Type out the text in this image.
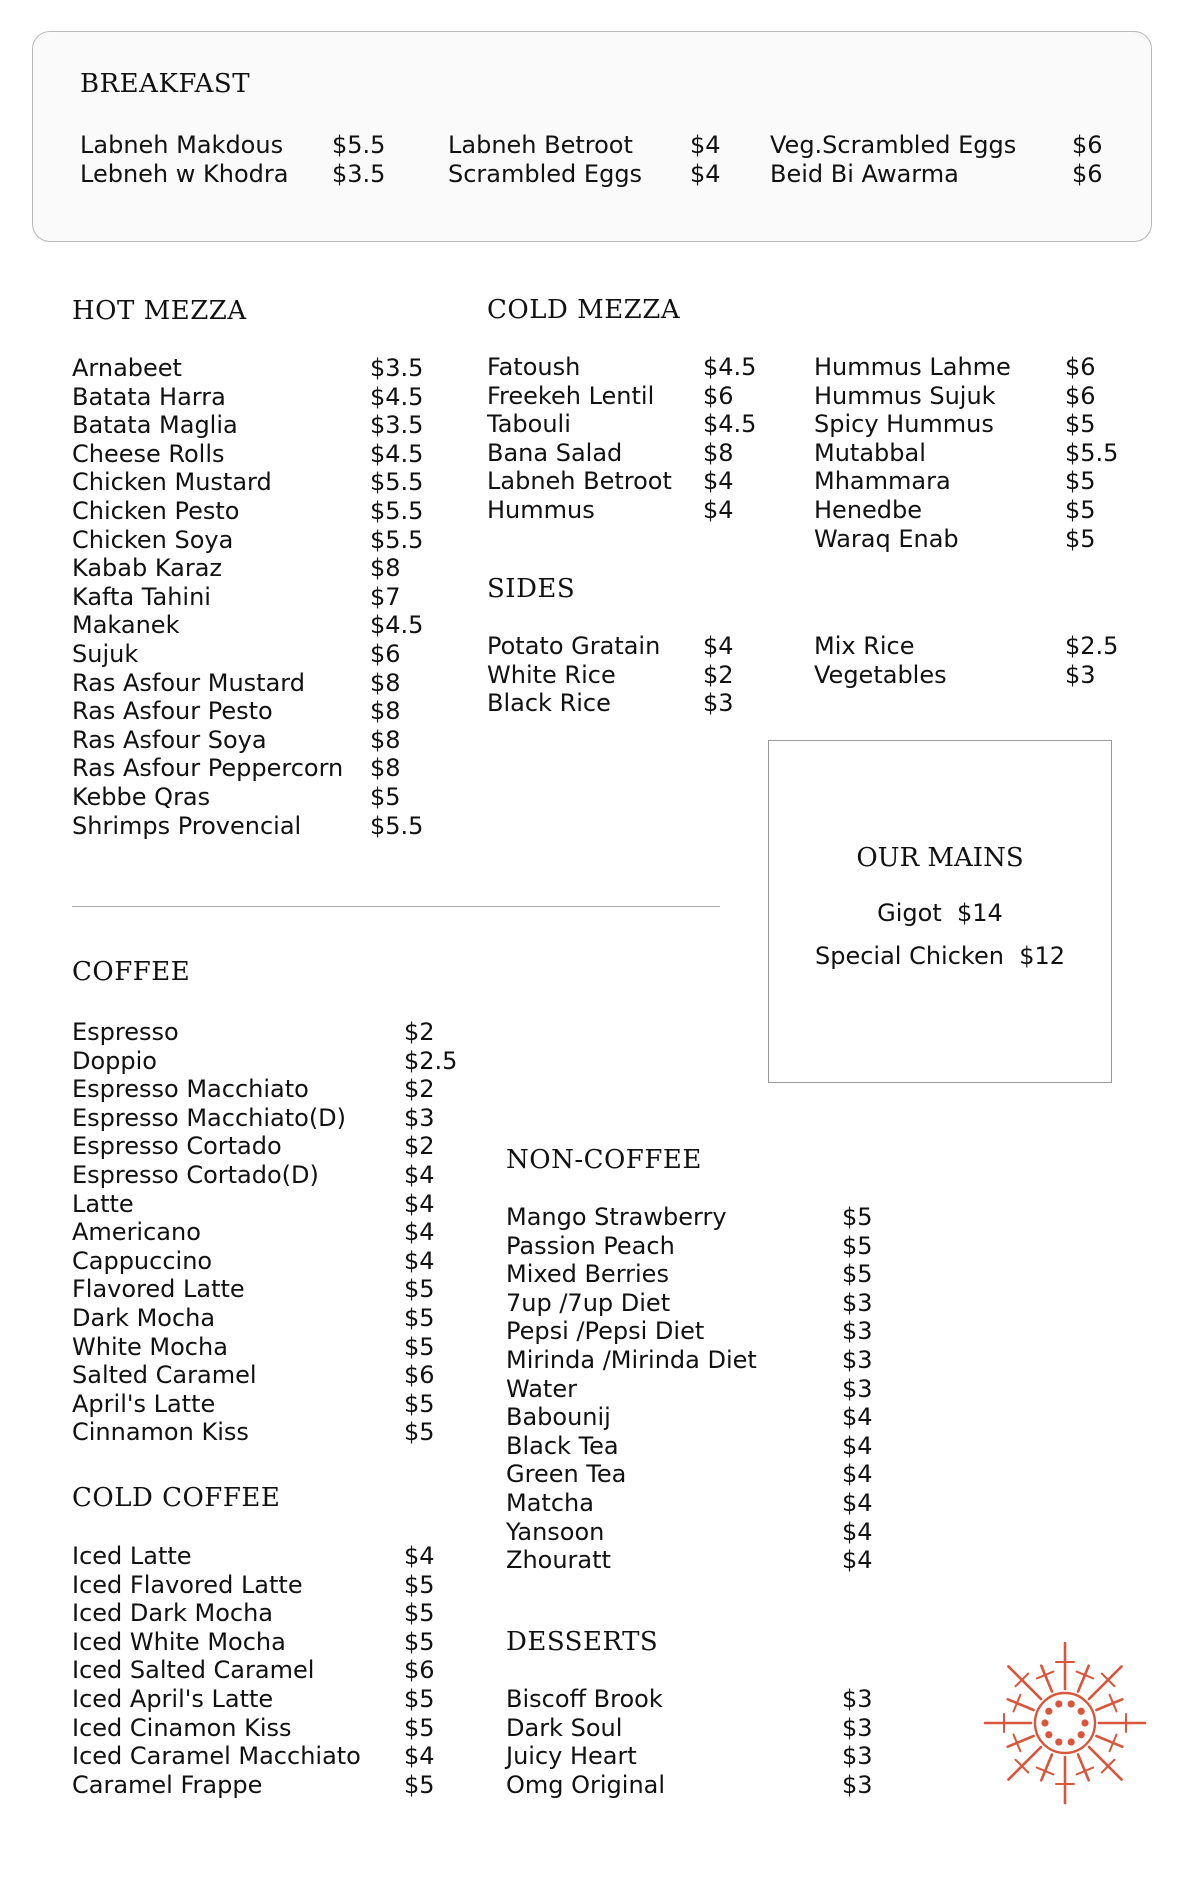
BREAKFAST
Labneh Makdous $5.5
Lebneh w Khodra $3.5
Labneh Betroot $4
Scrambled Eggs $4
Veg.Scrambled Eggs $6
Beid Bi Awarma	$6
HOT MEZZA
Arnabeet	$3.5
Batata Harra	$4.5
Batata Maglia	$3.5
Cheese Rolls	$4.5
Chicken Mustard	$5.5
Chicken Pesto	$5.5
Chicken Soya	$5.5
Kabab Karaz	$8
Kafta Tahini	$7
Makanek	$4.5
Sujuk	$6
Ras Asfour Mustard	$8
Ras Asfour Pesto	$8
Ras Asfour Soya	$8
Ras Asfour Peppercorn $8
Kebbe Qras	$5
Shrimps Provencial	$5.5
COLD MEZZA
Fatoush	$4.5
Freekeh Lentil $6
Tabouli	$4.5
Bana Salad	$8
Labneh Betroot $4
Hummus	$4
Hummus Lahme $6
Hummus Sujuk	$6
Spicy Hummus	$5
Mutabbal	$5.5
Mhammara	$5
Henedbe	$5
Waraq Enab	$5
SIDES
Potato Gratain $4
White Rice	$2
Black Rice	$3
Mix Rice	$2.5
Vegetables	$3
OUR MAINS
Gigot $14
Special Chicken $12
COFFEE
Espresso	$2
Doppio	$2.5
Espresso Macchiato	$2
Espresso Macchiato(D) $3
Espresso Cortado	$2
Espresso Cortado(D)	$4
Latte	$4
Americano	$4
Cappuccino	$4
Flavored Latte	$5
Dark Mocha	$5
White Mocha	$5
Salted Caramel	$6
April's Latte	$5
Cinnamon Kiss	$5
COLD COFFEE
Iced Latte	$4
Iced Flavored Latte	$5
Iced Dark Mocha	$5
Iced White Mocha	$5
Iced Salted Caramel	$6
Iced April's Latte	$5
Iced Cinamon Kiss	$5
Iced Caramel Macchiato $4
Caramel Frappe	$5
NON-COFFEE
Mango Strawberry	$5
Passion Peach	$5
Mixed Berries	$5
7up /7up Diet	$3
Pepsi /Pepsi Diet	$3
Mirinda /Mirinda Diet	$3
Water	$3
Babounij	$4
Black Tea	$4
Green Tea	$4
Matcha	$4
Yansoon	$4
Zhouratt	$4
DESSERTS
Biscoff Brook	$3
Dark Soul	$3
Juicy Heart	$3
Omg Original	$3
